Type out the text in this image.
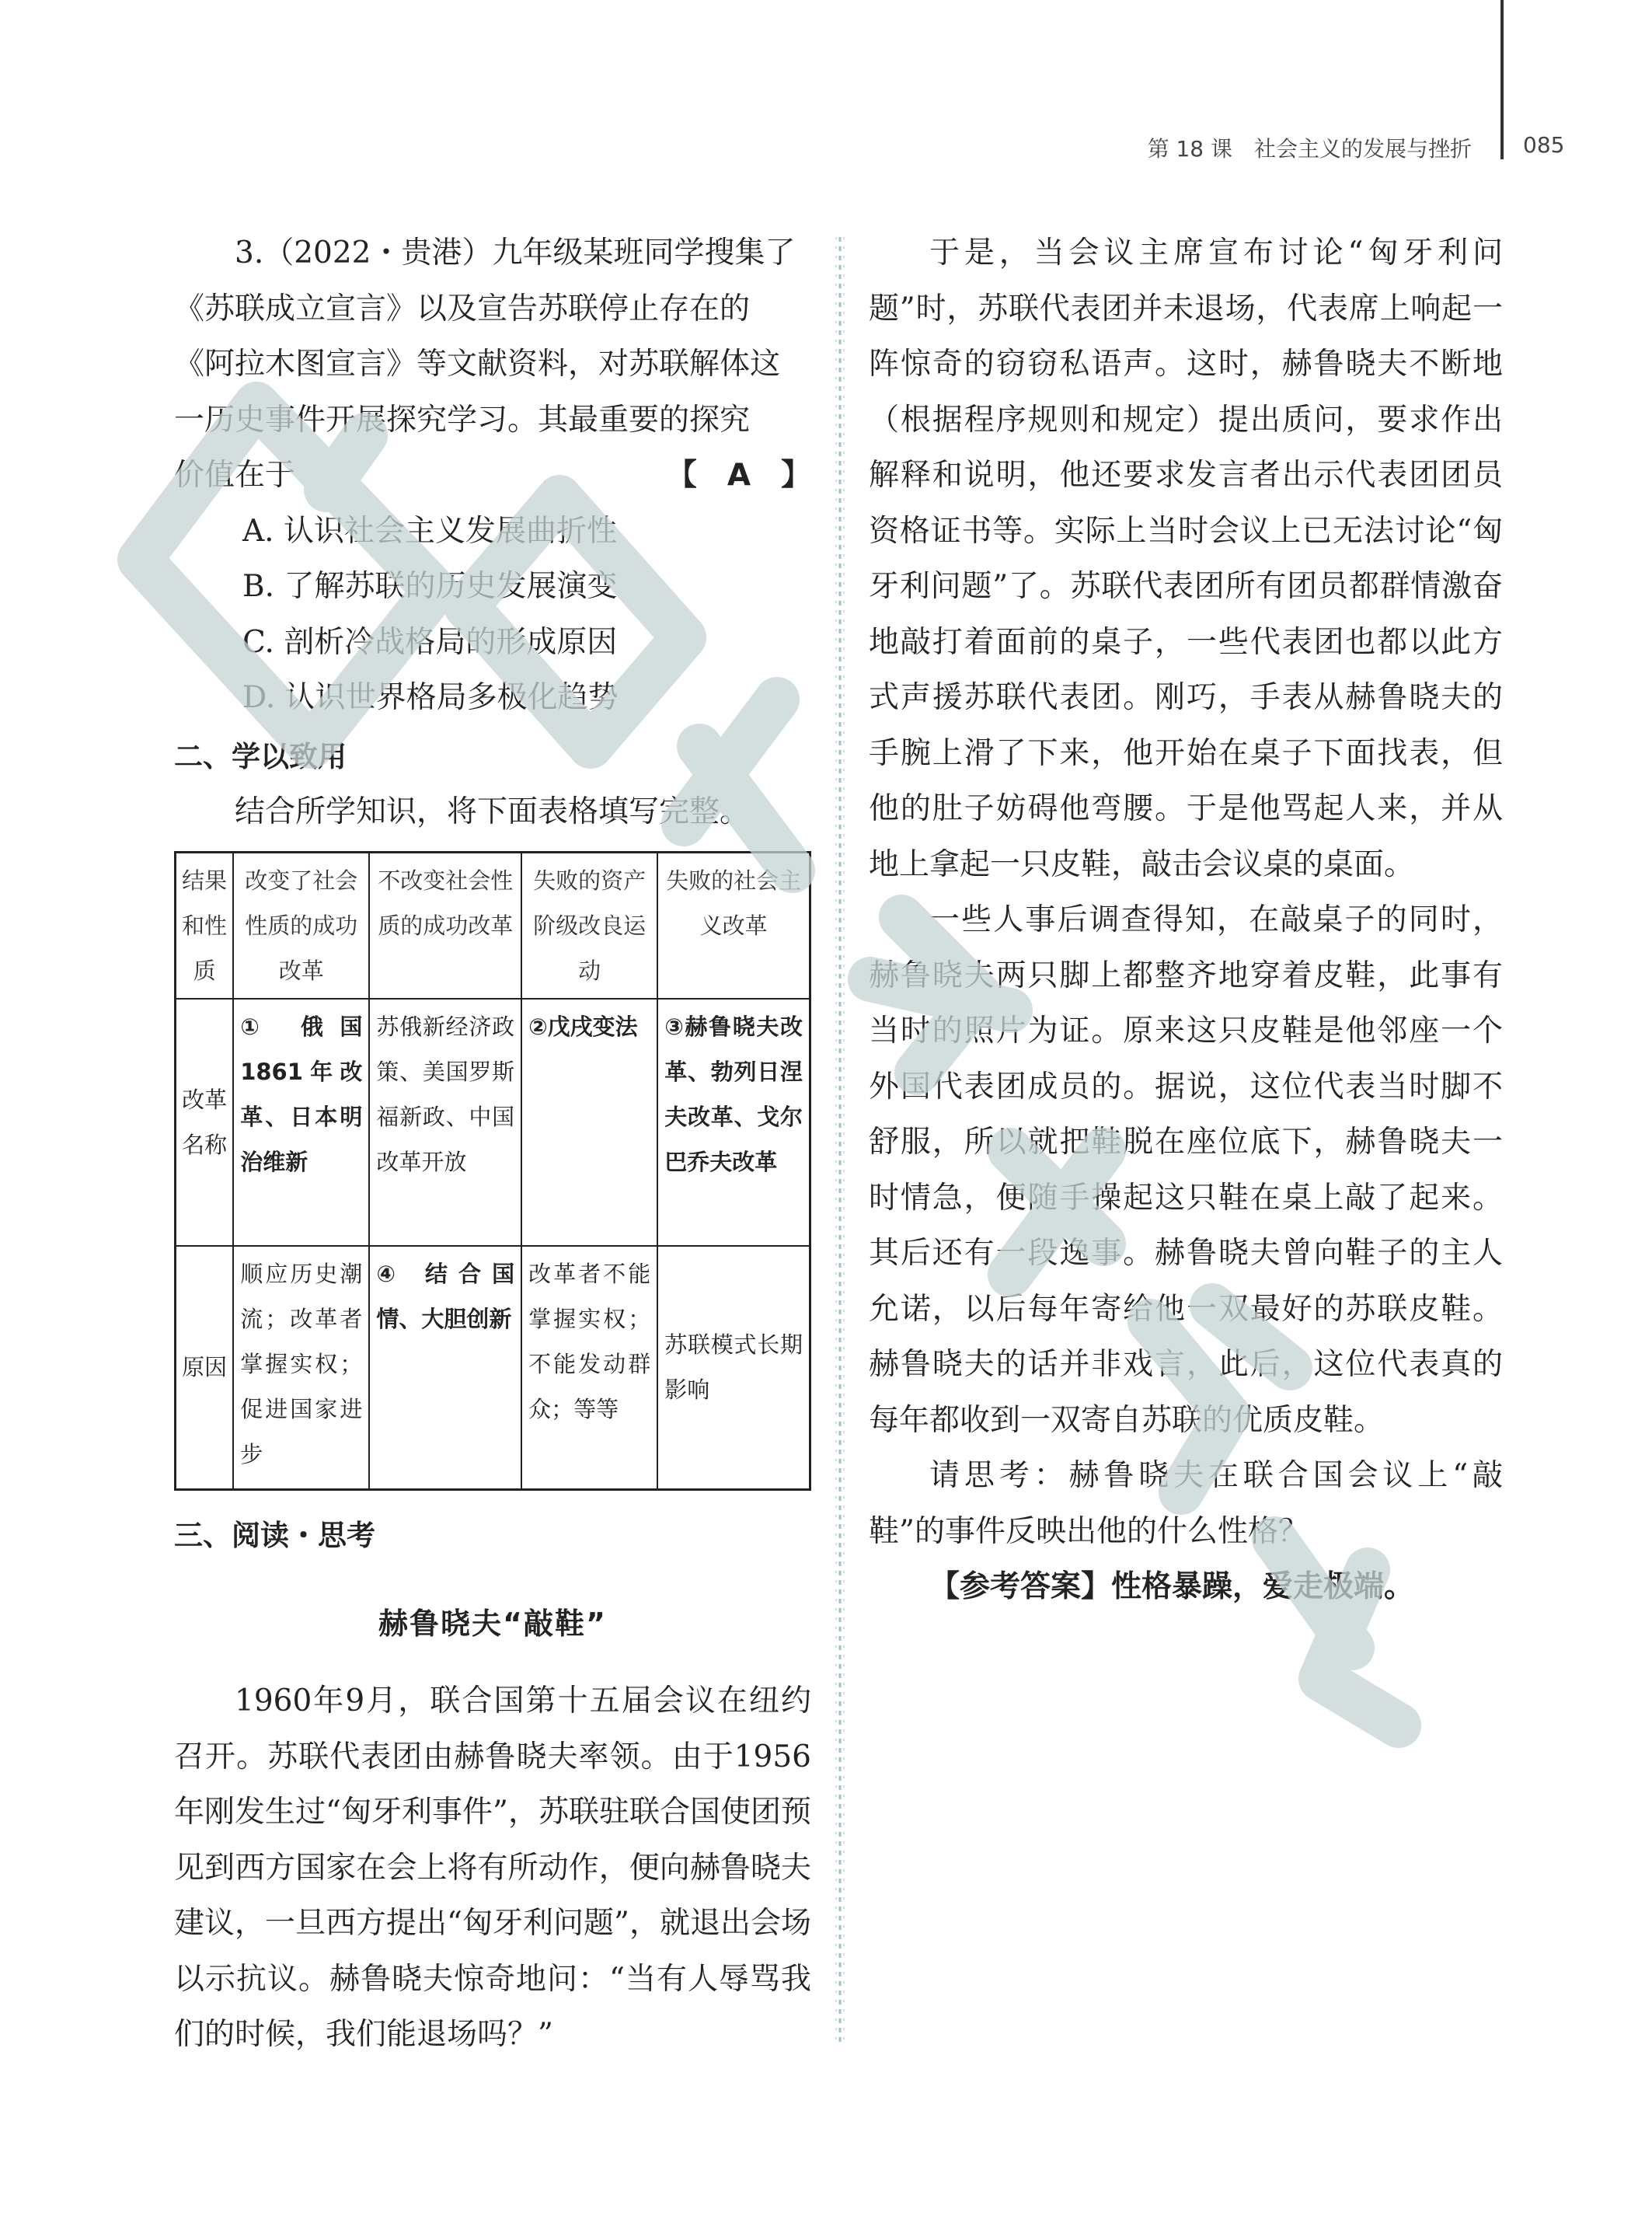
第 18 课　社会主义的发展与挫折 085
3.（2022・贵港）九年级某班同学搜集了
《苏联成立宣言》以及宣告苏联停止存在的
《阿拉木图宣言》等文献资料，对苏联解体这
一历史事件开展探究学习。其最重要的探究
价值在于	【　A　】
A. 认识社会主义发展曲折性
B. 了解苏联的历史发展演变
C. 剖析冷战格局的形成原因
D. 认识世界格局多极化趋势
二、学以致用
结合所学知识，将下面表格填写完整。
结果和性质	改变了社会性质的成功改革	不改变社会性质的成功改革	失败的资产阶级改良运动	失败的社会主义改革
改革名称	① 俄国1861年改革、日本明治维新	苏俄新经济政策、美国罗斯福新政、中国改革开放	②戊戌变法	③赫鲁晓夫改革、勃列日涅夫改革、戈尔巴乔夫改革
原因	顺应历史潮流；改革者掌握实权；促进国家进步	④ 结合国情、大胆创新	改革者不能掌握实权；不能发动群众；等等	苏联模式长期影响
三、阅读・思考
赫鲁晓夫“敲鞋”

1960年9月，联合国第十五届会议在纽约召开。苏联代表团由赫鲁晓夫率领。由于1956年刚发生过“匈牙利事件”，苏联驻联合国使团预见到西方国家在会上将有所动作，便向赫鲁晓夫建议，一旦西方提出“匈牙利问题”，就退出会场以示抗议。赫鲁晓夫惊奇地问：“当有人辱骂我们的时候，我们能退场吗？”

于是，当会议主席宣布讨论“匈牙利问题”时，苏联代表团并未退场，代表席上响起一阵惊奇的窃窃私语声。这时，赫鲁晓夫不断地（根据程序规则和规定）提出质问，要求作出解释和说明，他还要求发言者出示代表团团员资格证书等。实际上当时会议上已无法讨论“匈牙利问题”了。苏联代表团所有团员都群情激奋地敲打着面前的桌子，一些代表团也都以此方式声援苏联代表团。刚巧，手表从赫鲁晓夫的手腕上滑了下来，他开始在桌子下面找表，但他的肚子妨碍他弯腰。于是他骂起人来，并从地上拿起一只皮鞋，敲击会议桌的桌面。

一些人事后调查得知，在敲桌子的同时，赫鲁晓夫两只脚上都整齐地穿着皮鞋，此事有当时的照片为证。原来这只皮鞋是他邻座一个外国代表团成员的。据说，这位代表当时脚不舒服，所以就把鞋脱在座位底下，赫鲁晓夫一时情急，便随手操起这只鞋在桌上敲了起来。其后还有一段逸事。赫鲁晓夫曾向鞋子的主人允诺，以后每年寄给他一双最好的苏联皮鞋。赫鲁晓夫的话并非戏言，此后，这位代表真的每年都收到一双寄自苏联的优质皮鞋。

请思考：赫鲁晓夫在联合国会议上“敲鞋”的事件反映出他的什么性格？

【参考答案】性格暴躁，爱走极端。
